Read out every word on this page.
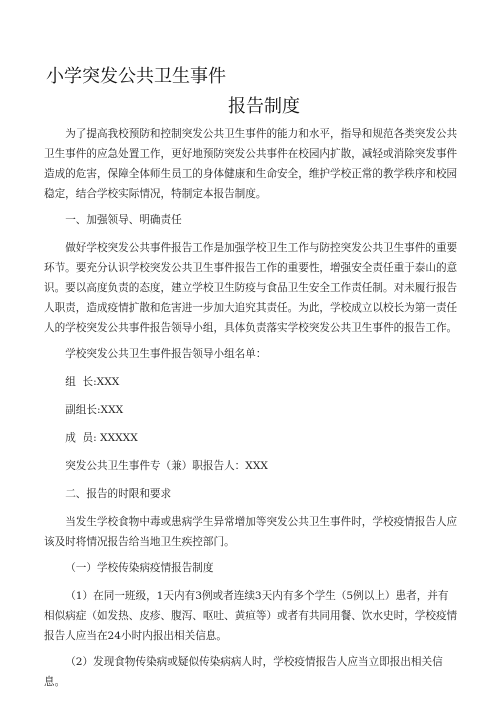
小学突发公共卫生事件
报告制度

为了提高我校预防和控制突发公共卫生事件的能力和水平，指导和规范各类突发公共卫生事件的应急处置工作，更好地预防突发公共事件在校园内扩散，减轻或消除突发事件造成的危害，保障全体师生员工的身体健康和生命安全，维护学校正常的教学秩序和校园稳定，结合学校实际情况，特制定本报告制度。

一、加强领导、明确责任

做好学校突发公共事件报告工作是加强学校卫生工作与防控突发公共卫生事件的重要环节。要充分认识学校突发公共卫生事件报告工作的重要性，增强安全责任重于泰山的意识。要以高度负责的态度，建立学校卫生防疫与食品卫生安全工作责任制。对未履行报告人职责，造成疫情扩散和危害进一步加大追究其责任。为此，学校成立以校长为第一责任人的学校突发公共事件报告领导小组，具体负责落实学校突发公共卫生事件的报告工作。

学校突发公共卫生事件报告领导小组名单：

组  长:XXX

副组长:XXX

成  员: XXXXX

突发公共卫生事件专（兼）职报告人：XXX

二、报告的时限和要求

当发生学校食物中毒或患病学生异常增加等突发公共卫生事件时，学校疫情报告人应该及时将情况报告给当地卫生疾控部门。

（一）学校传染病疫情报告制度

（1）在同一班级，1天内有3例或者连续3天内有多个学生（5例以上）患者，并有相似病症（如发热、皮疹、腹泻、呕吐、黄疸等）或者有共同用餐、饮水史时，学校疫情报告人应当在24小时内报出相关信息。

（2）发现食物传染病或疑似传染病病人时，学校疫情报告人应当立即报出相关信息。
